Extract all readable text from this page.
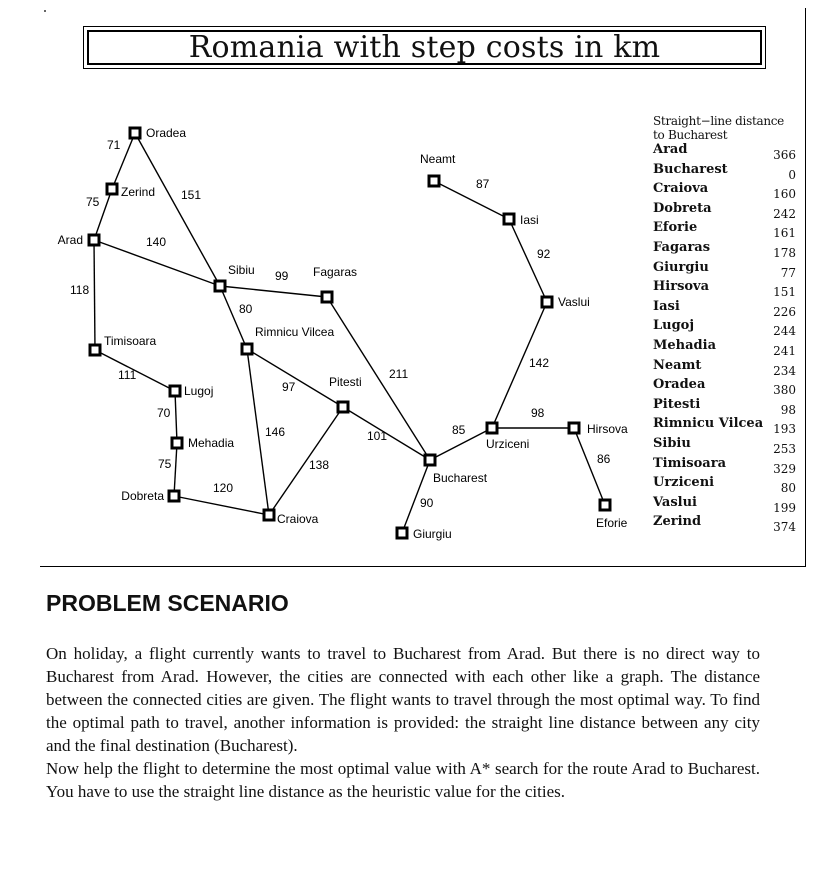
Romania with step costs in km
71
75	151
140
118
111
70
75
120
99
80
97
146
138
211
101
90
85
98
86
142
92
87
Oradea
Zerind
Arad
Timisoara
Lugoj
Mehadia
Dobreta
Craiova
Sibiu	Fagaras
Rimnicu Vilcea
Pitesti
Bucharest
Giurgiu
Urziceni
Hirsova
Eforie
Vaslui
Iasi
Neamt
Straight−line distance
to Bucharest
Arad	366
Bucharest	0
Craiova	160
Dobreta	242
Eforie	161
Fagaras	178
Giurgiu	77
Hirsova	151
Iasi	226
Lugoj	244
Mehadia	241
Neamt	234
Oradea	380
Pitesti	98
Rimnicu Vilcea 193
Sibiu	253
Timisoara	329
Urziceni	80
Vaslui	199
Zerind	374
PROBLEM SCENARIO

On holiday, a flight currently wants to travel to Bucharest from Arad. But there is no direct way to Bucharest from Arad. However, the cities are connected with each other like a graph. The distance between the connected cities are given. The flight wants to travel through the most optimal way. To find the optimal path to travel, another information is provided: the straight line distance between any city and the final destination (Bucharest).

Now help the flight to determine the most optimal value with A* search for the route Arad to Bucharest. You have to use the straight line distance as the heuristic value for the cities.
